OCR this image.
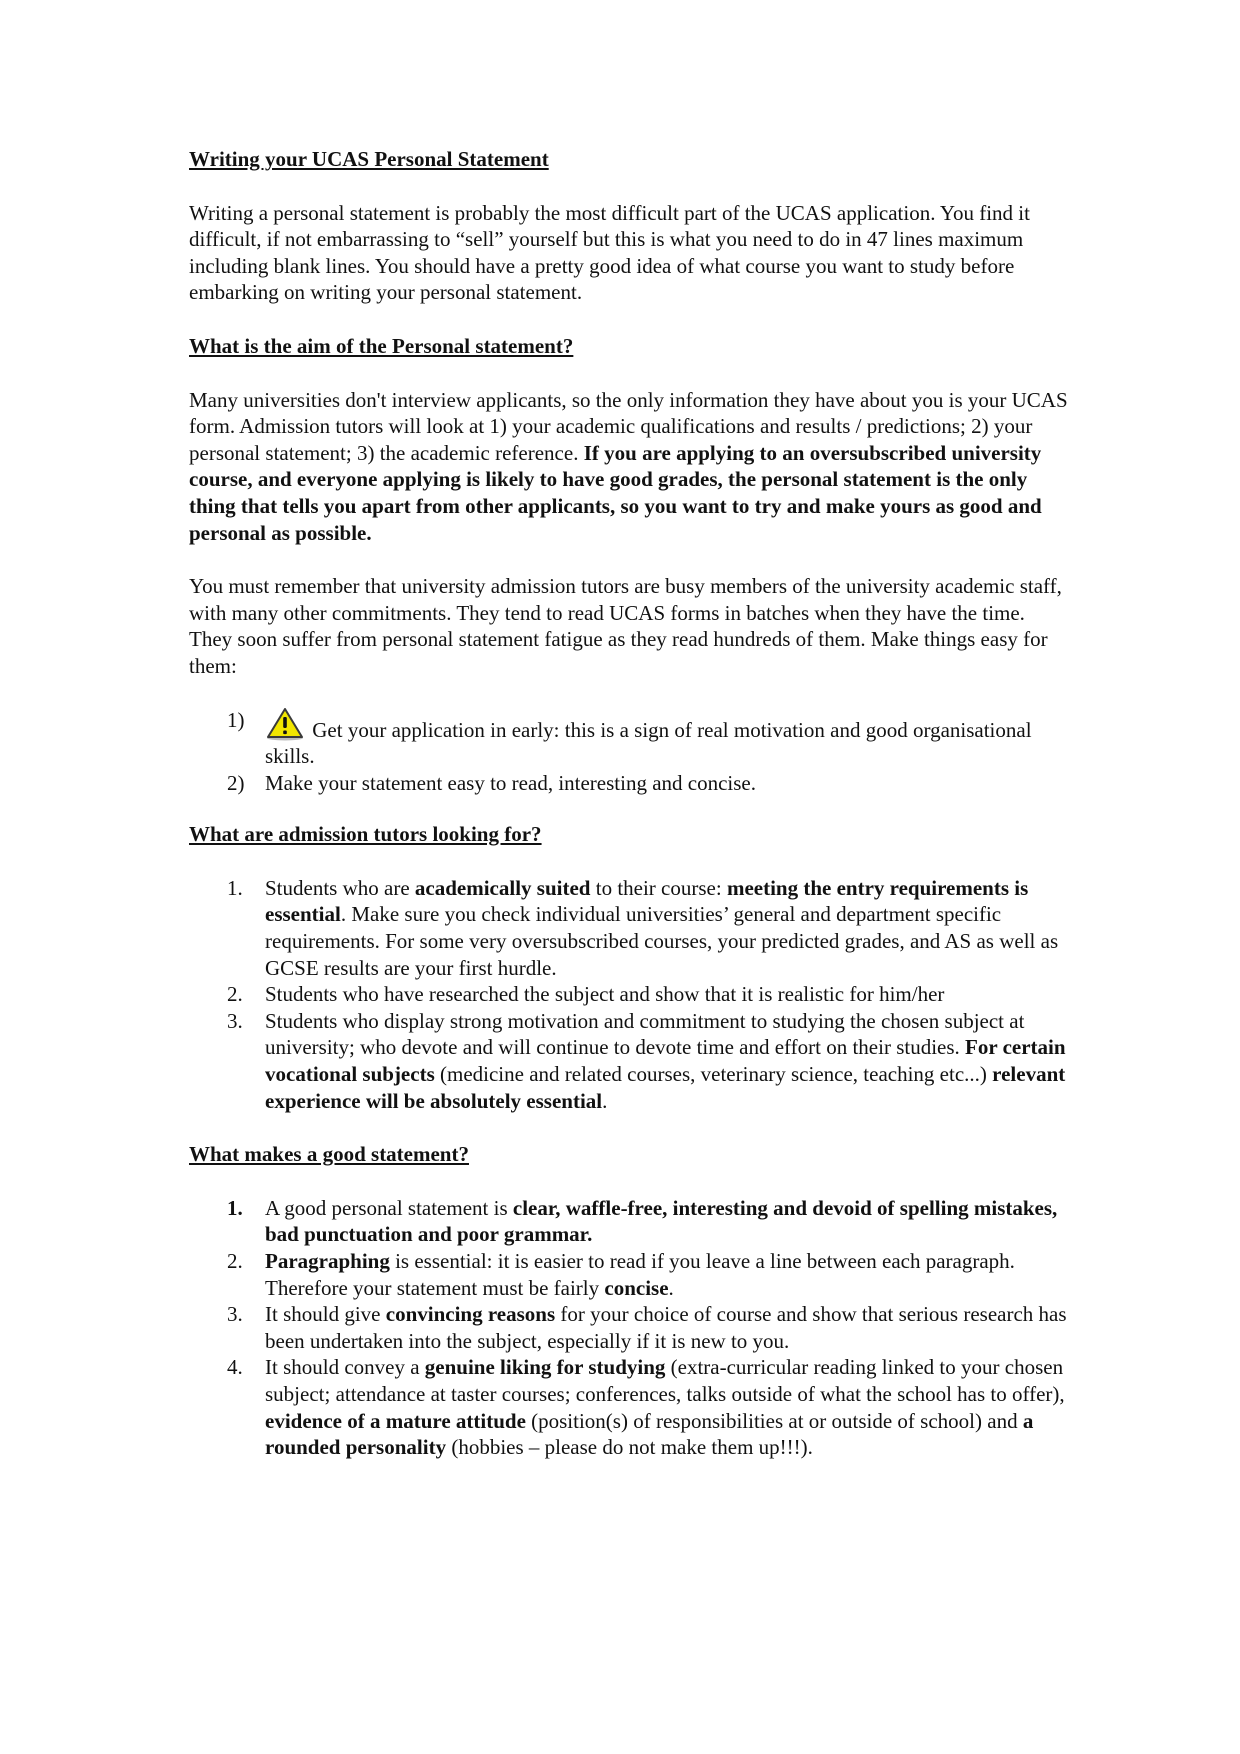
Writing your UCAS Personal Statement

Writing a personal statement is probably the most difficult part of the UCAS application. You find it difficult, if not embarrassing to “sell” yourself but this is what you need to do in 47 lines maximum including blank lines. You should have a pretty good idea of what course you want to study before embarking on writing your personal statement.

What is the aim of the Personal statement?

Many universities don't interview applicants, so the only information they have about you is your UCAS form. Admission tutors will look at 1) your academic qualifications and results / predictions; 2) your personal statement; 3) the academic reference. If you are applying to an oversubscribed university course, and everyone applying is likely to have good grades, the personal statement is the only thing that tells you apart from other applicants, so you want to try and make yours as good and personal as possible.

You must remember that university admission tutors are busy members of the university academic staff, with many other commitments. They tend to read UCAS forms in batches when they have the time. They soon suffer from personal statement fatigue as they read hundreds of them. Make things easy for them:

1)	Get your application in early: this is a sign of real motivation and good organisational skills.
2) Make your statement easy to read, interesting and concise.

What are admission tutors looking for?

1.	Students who are academically suited to their course: meeting the entry requirements is essential. Make sure you check individual universities’ general and department specific requirements. For some very oversubscribed courses, your predicted grades, and AS as well as GCSE results are your first hurdle.
2.	Students who have researched the subject and show that it is realistic for him/her
3.	Students who display strong motivation and commitment to studying the chosen subject at university; who devote and will continue to devote time and effort on their studies. For certain vocational subjects (medicine and related courses, veterinary science, teaching etc...) relevant experience will be absolutely essential.

What makes a good statement?

1.	A good personal statement is clear, waffle-free, interesting and devoid of spelling mistakes, bad punctuation and poor grammar.
2.	Paragraphing is essential: it is easier to read if you leave a line between each paragraph. Therefore your statement must be fairly concise.
3.	It should give convincing reasons for your choice of course and show that serious research has been undertaken into the subject, especially if it is new to you.
4.	It should convey a genuine liking for studying (extra-curricular reading linked to your chosen subject; attendance at taster courses; conferences, talks outside of what the school has to offer), evidence of a mature attitude (position(s) of responsibilities at or outside of school) and a rounded personality (hobbies – please do not make them up!!!).
